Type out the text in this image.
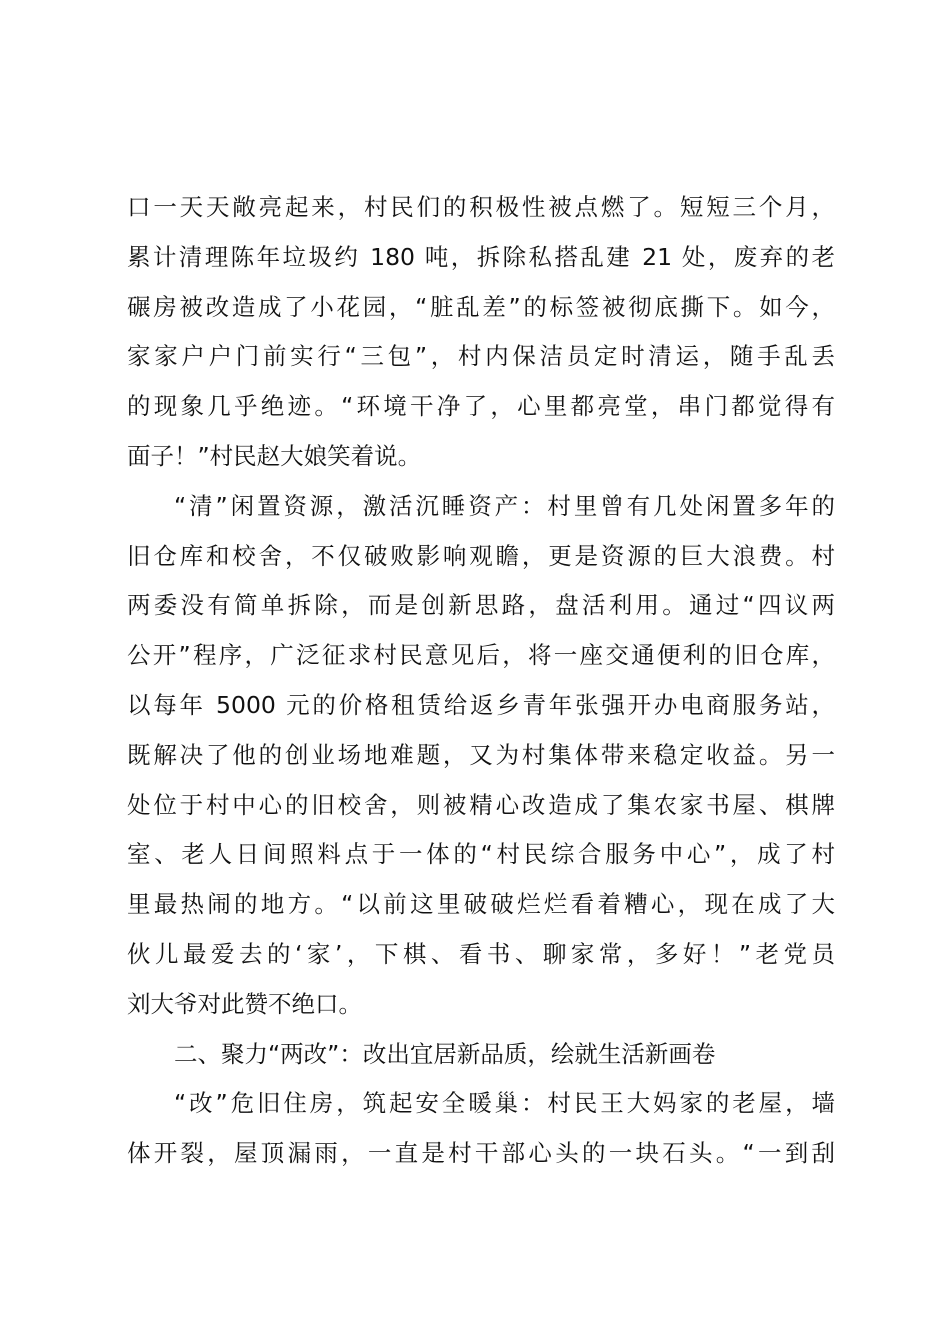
口一天天敞亮起来，村民们的积极性被点燃了。短短三个月，
累计清理陈年垃圾约 180 吨，拆除私搭乱建 21 处，废弃的老
碾房被改造成了小花园，“脏乱差”的标签被彻底撕下。如今，
家家户户门前实行“三包”，村内保洁员定时清运，随手乱丢
的现象几乎绝迹。“环境干净了，心里都亮堂，串门都觉得有
面子！”村民赵大娘笑着说。
“清”闲置资源，激活沉睡资产：村里曾有几处闲置多年的
旧仓库和校舍，不仅破败影响观瞻，更是资源的巨大浪费。村
两委没有简单拆除，而是创新思路，盘活利用。通过“四议两
公开”程序，广泛征求村民意见后，将一座交通便利的旧仓库，
以每年 5000 元的价格租赁给返乡青年张强开办电商服务站，
既解决了他的创业场地难题，又为村集体带来稳定收益。另一
处位于村中心的旧校舍，则被精心改造成了集农家书屋、棋牌
室、老人日间照料点于一体的“村民综合服务中心”，成了村
里最热闹的地方。“以前这里破破烂烂看着糟心，现在成了大
伙儿最爱去的‘家’，下棋、看书、聊家常，多好！”老党员
刘大爷对此赞不绝口。
二、聚力“两改”：改出宜居新品质，绘就生活新画卷
“改”危旧住房，筑起安全暖巢：村民王大妈家的老屋，墙
体开裂，屋顶漏雨，一直是村干部心头的一块石头。“一到刮
